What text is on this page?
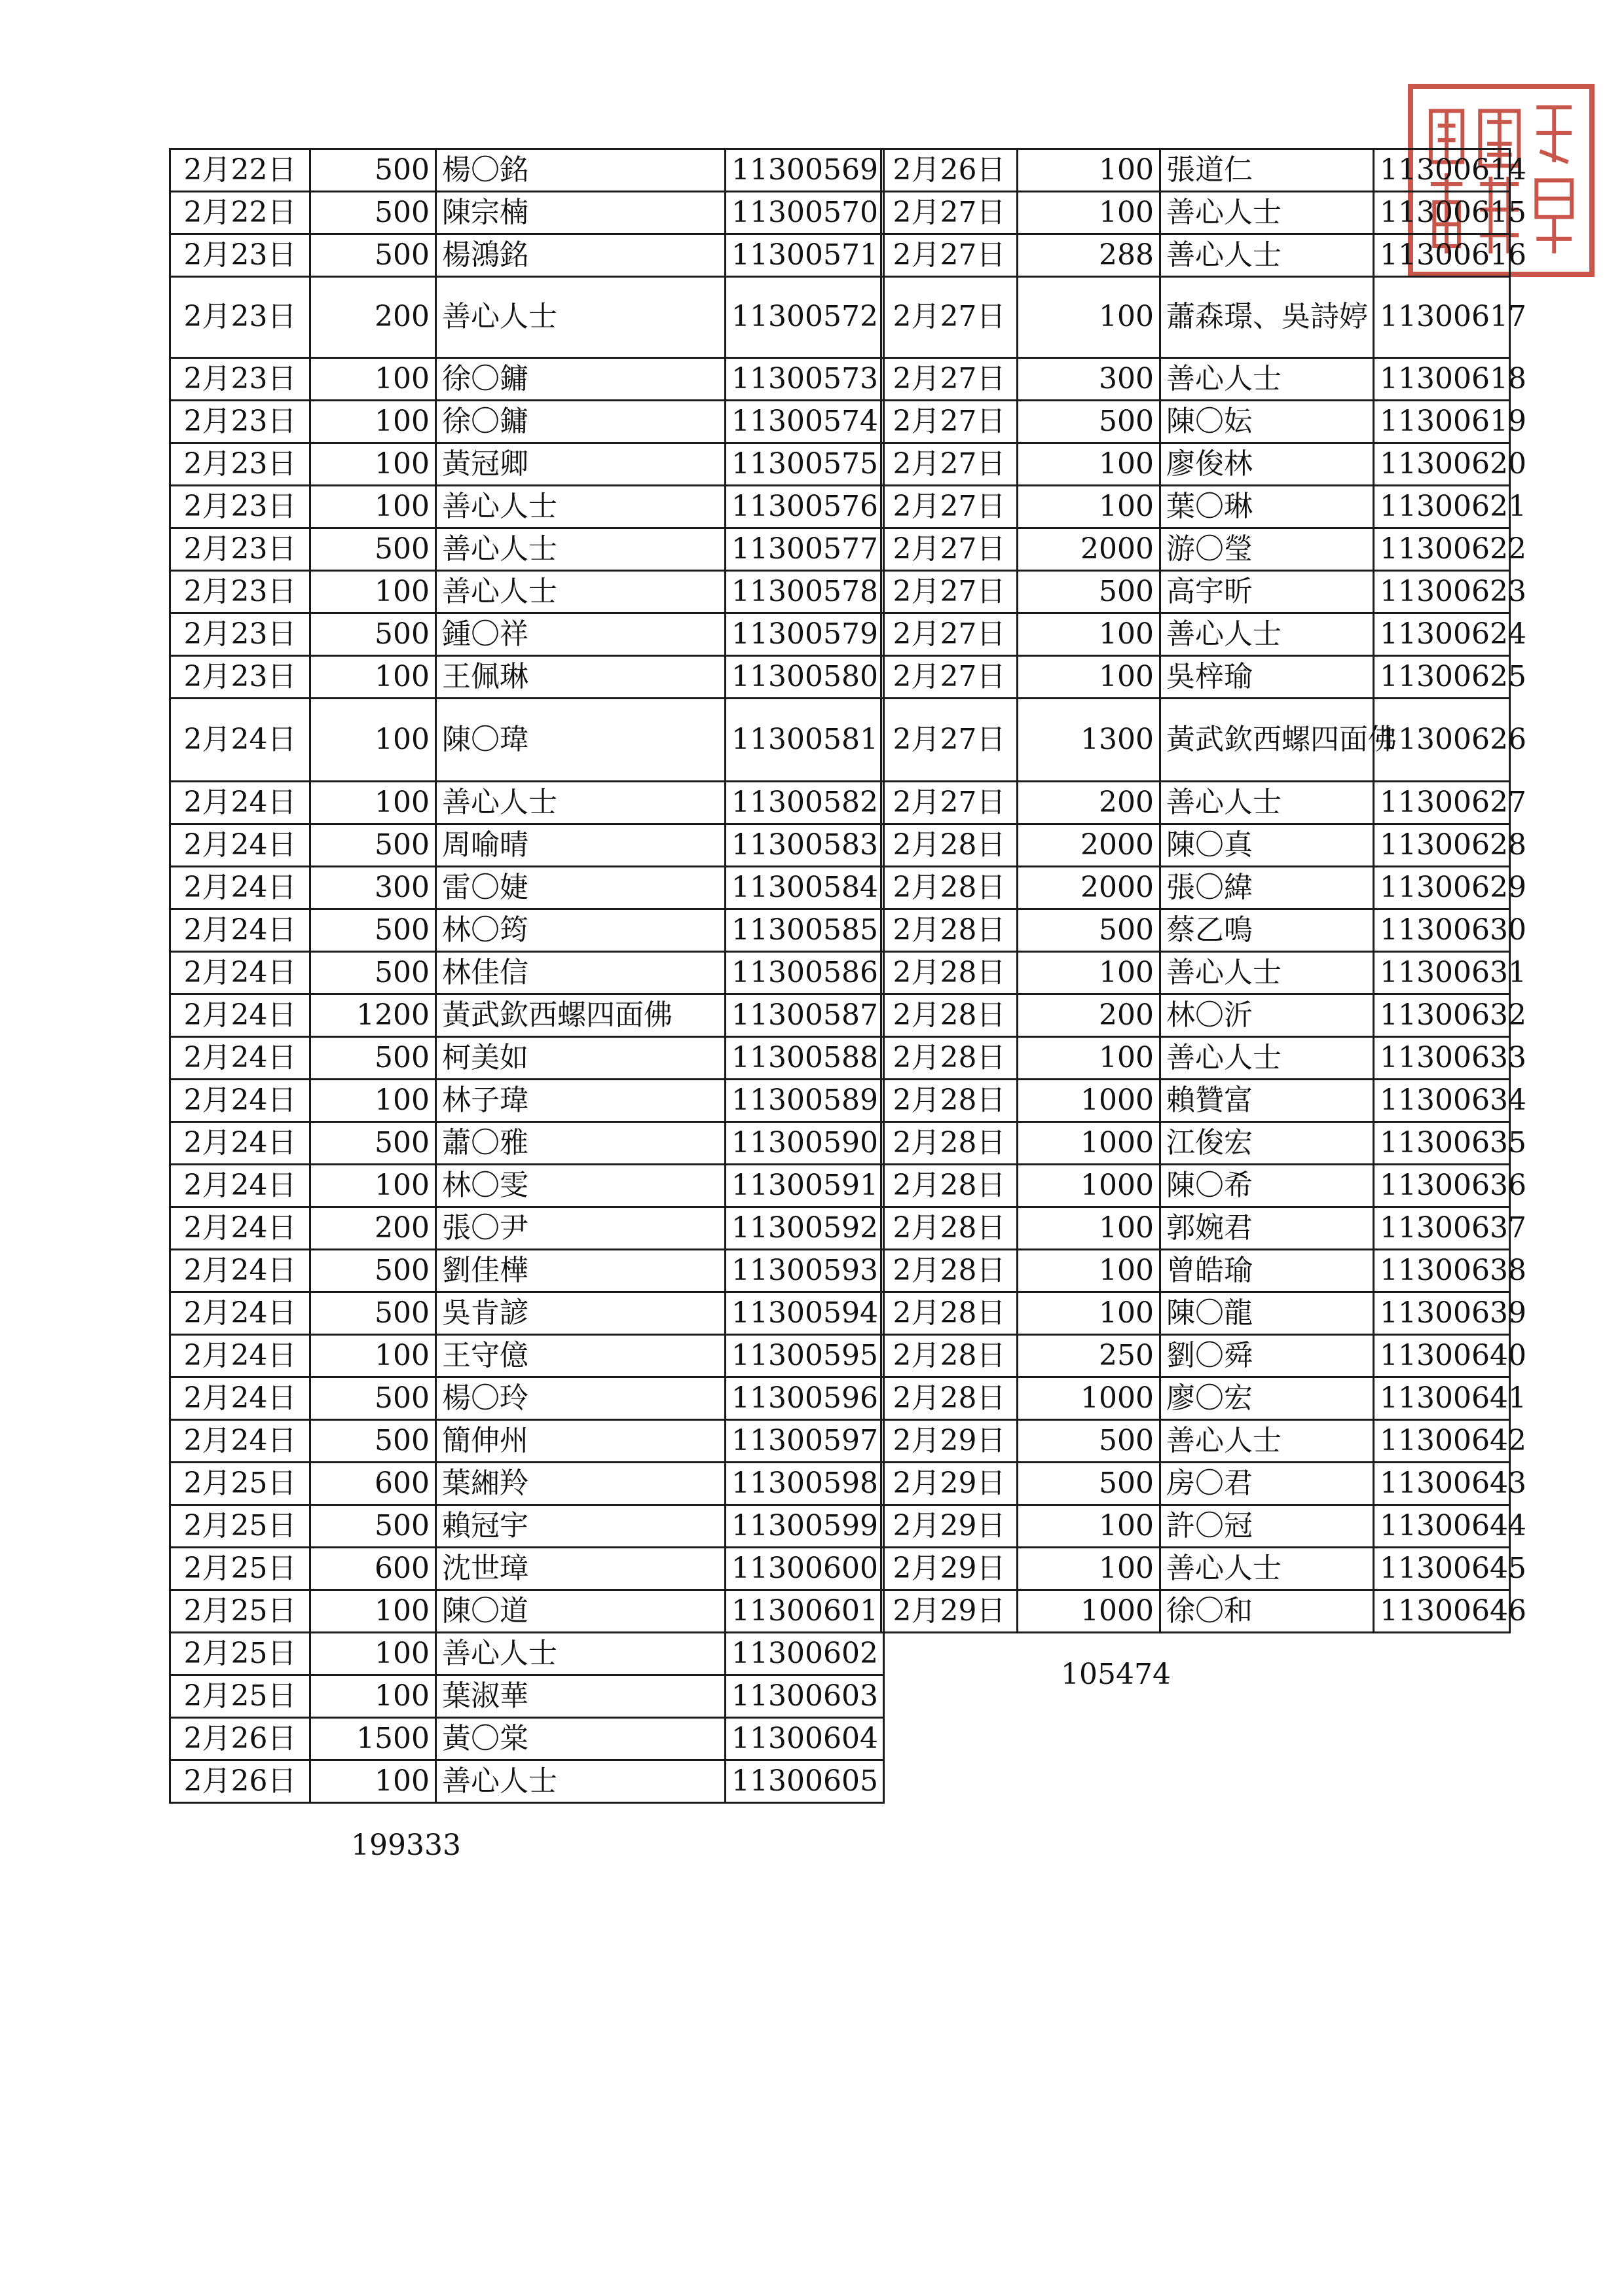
2月22日	500	楊〇銘	11300569
2月22日	500	陳宗楠	11300570
2月23日	500	楊鴻銘	11300571
2月23日	200	善心人士	11300572
2月23日	100	徐〇鏞	11300573
2月23日	100	徐〇鏞	11300574
2月23日	100	黃冠卿	11300575
2月23日	100	善心人士	11300576
2月23日	500	善心人士	11300577
2月23日	100	善心人士	11300578
2月23日	500	鍾〇祥	11300579
2月23日	100	王佩琳	11300580
2月24日	100	陳〇瑋	11300581
2月24日	100	善心人士	11300582
2月24日	500	周喻晴	11300583
2月24日	300	雷〇婕	11300584
2月24日	500	林〇筠	11300585
2月24日	500	林佳信	11300586
2月24日	1200	黃武欽西螺四面佛	11300587
2月24日	500	柯美如	11300588
2月24日	100	林子瑋	11300589
2月24日	500	蕭〇雅	11300590
2月24日	100	林〇雯	11300591
2月24日	200	張〇尹	11300592
2月24日	500	劉佳樺	11300593
2月24日	500	吳肯諺	11300594
2月24日	100	王守億	11300595
2月24日	500	楊〇玲	11300596
2月24日	500	簡伸州	11300597
2月25日	600	葉緗羚	11300598
2月25日	500	賴冠宇	11300599
2月25日	600	沈世璋	11300600
2月25日	100	陳〇道	11300601
2月25日	100	善心人士	11300602
2月25日	100	葉淑華	11300603
2月26日	1500	黃〇棠	11300604
2月26日	100	善心人士	11300605
2月26日	100	張道仁	11300614
2月27日	100	善心人士	11300615
2月27日	288	善心人士	11300616
2月27日	100	蕭森璟、吳詩婷	11300617
2月27日	300	善心人士	11300618
2月27日	500	陳〇妘	11300619
2月27日	100	廖俊林	11300620
2月27日	100	葉〇琳	11300621
2月27日	2000	游〇瑩	11300622
2月27日	500	高宇昕	11300623
2月27日	100	善心人士	11300624
2月27日	100	吳梓瑜	11300625
2月27日	1300	黃武欽西螺四面佛	11300626
2月27日	200	善心人士	11300627
2月28日	2000	陳〇真	11300628
2月28日	2000	張〇緯	11300629
2月28日	500	蔡乙鳴	11300630
2月28日	100	善心人士	11300631
2月28日	200	林〇沂	11300632
2月28日	100	善心人士	11300633
2月28日	1000	賴贊富	11300634
2月28日	1000	江俊宏	11300635
2月28日	1000	陳〇希	11300636
2月28日	100	郭婉君	11300637
2月28日	100	曾皓瑜	11300638
2月28日	100	陳〇龍	11300639
2月28日	250	劉〇舜	11300640
2月28日	1000	廖〇宏	11300641
2月29日	500	善心人士	11300642
2月29日	500	房〇君	11300643
2月29日	100	許〇冠	11300644
2月29日	100	善心人士	11300645
2月29日	1000	徐〇和	11300646
199333
105474
